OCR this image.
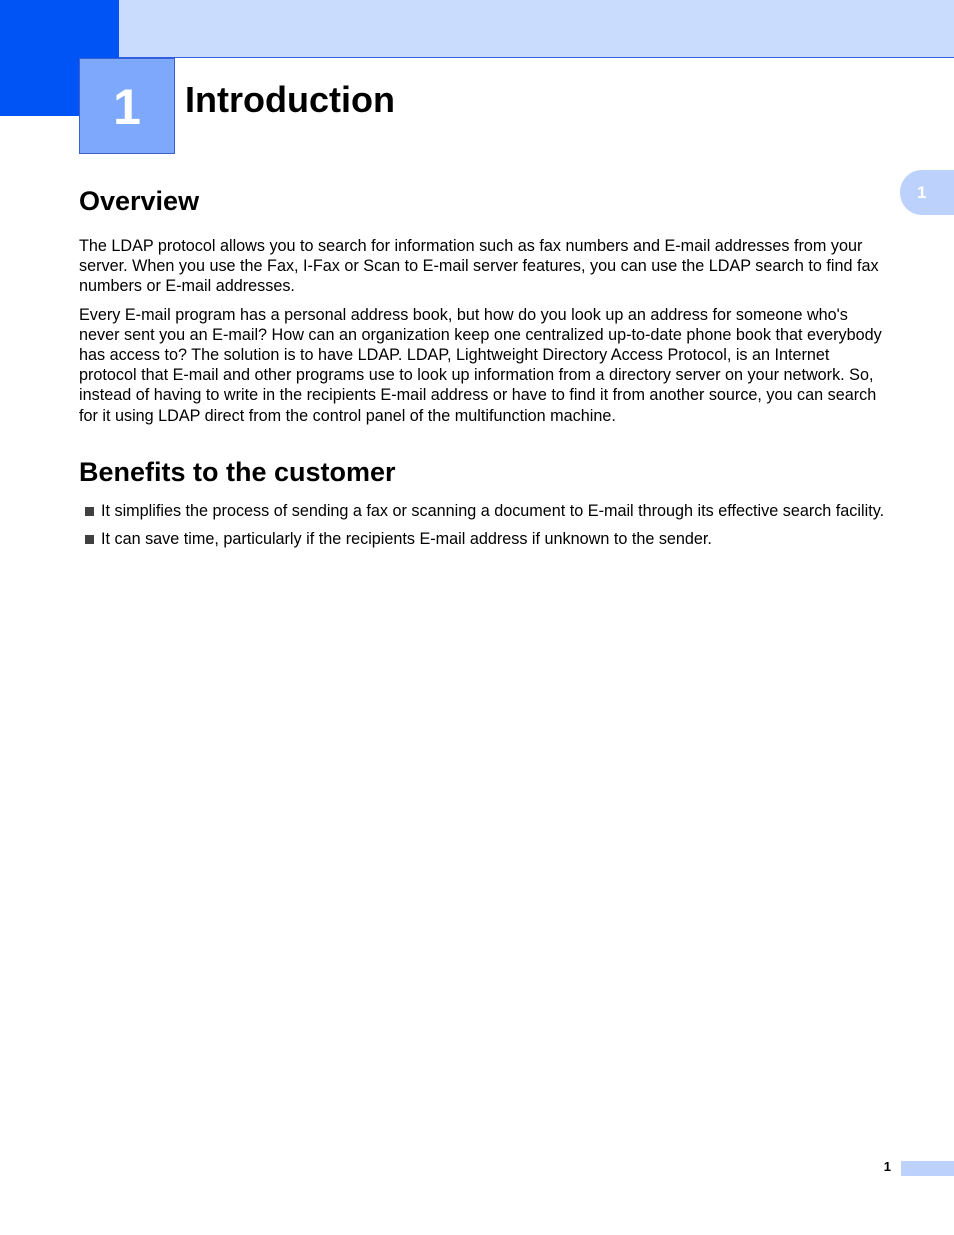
1	Introduction
1
Overview

The LDAP protocol allows you to search for information such as fax numbers and E-mail addresses from your server. When you use the Fax, I-Fax or Scan to E-mail server features, you can use the LDAP search to find fax numbers or E-mail addresses.

Every E-mail program has a personal address book, but how do you look up an address for someone who's never sent you an E-mail? How can an organization keep one centralized up-to-date phone book that everybody has access to? The solution is to have LDAP. LDAP, Lightweight Directory Access Protocol, is an Internet protocol that E-mail and other programs use to look up information from a directory server on your network. So, instead of having to write in the recipients E-mail address or have to find it from another source, you can search for it using LDAP direct from the control panel of the multifunction machine.

Benefits to the customer
It simplifies the process of sending a fax or scanning a document to E-mail through its effective search facility.
It can save time, particularly if the recipients E-mail address if unknown to the sender.
1
